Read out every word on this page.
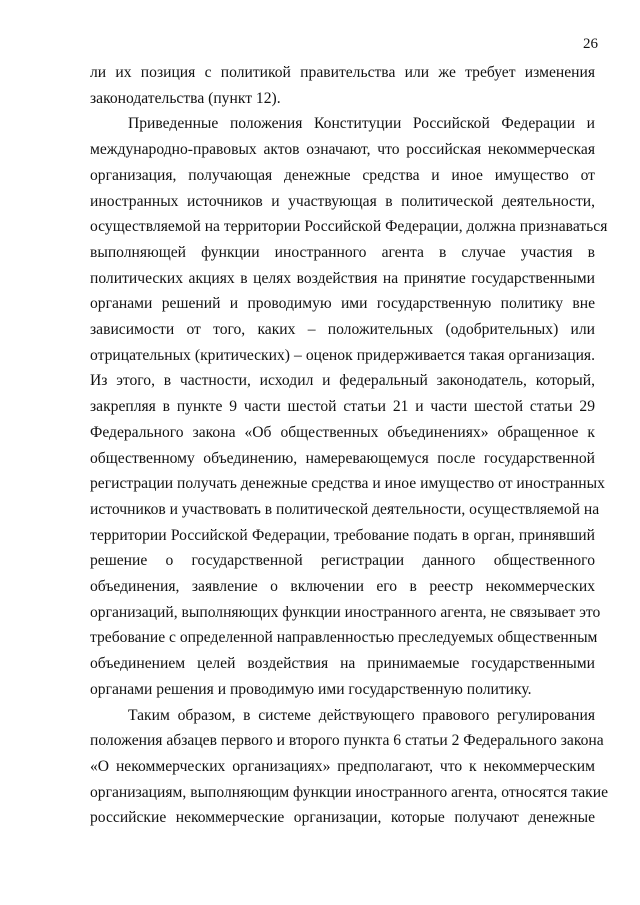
26

ли их позиция с политикой правительства или же требует изменения
законодательства (пункт 12).

Приведенные положения Конституции Российской Федерации и
международно-правовых актов означают, что российская некоммерческая
организация, получающая денежные средства и иное имущество от
иностранных источников и участвующая в политической деятельности,
осуществляемой на территории Российской Федерации, должна признаваться
выполняющей функции иностранного агента в случае участия в
политических акциях в целях воздействия на принятие государственными
органами решений и проводимую ими государственную политику вне
зависимости от того, каких – положительных (одобрительных) или
отрицательных (критических) – оценок придерживается такая организация.
Из этого, в частности, исходил и федеральный законодатель, который,
закрепляя в пункте 9 части шестой статьи 21 и части шестой статьи 29
Федерального закона «Об общественных объединениях» обращенное к
общественному объединению, намеревающемуся после государственной
регистрации получать денежные средства и иное имущество от иностранных
источников и участвовать в политической деятельности, осуществляемой на
территории Российской Федерации, требование подать в орган, принявший
решение о государственной регистрации данного общественного
объединения, заявление о включении его в реестр некоммерческих
организаций, выполняющих функции иностранного агента, не связывает это
требование с определенной направленностью преследуемых общественным
объединением целей воздействия на принимаемые государственными
органами решения и проводимую ими государственную политику.

Таким образом, в системе действующего правового регулирования
положения абзацев первого и второго пункта 6 статьи 2 Федерального закона
«О некоммерческих организациях» предполагают, что к некоммерческим
организациям, выполняющим функции иностранного агента, относятся такие
российские некоммерческие организации, которые получают денежные
